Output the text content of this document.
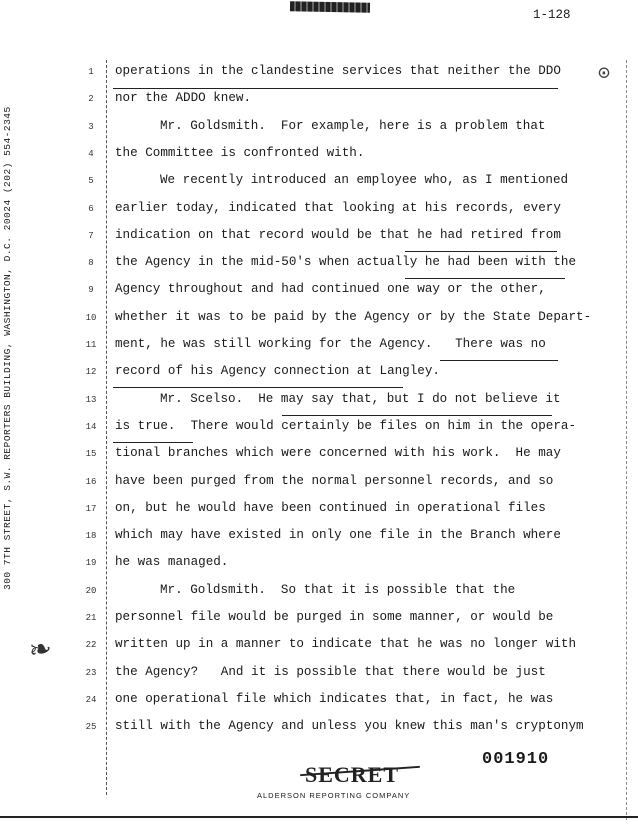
1-128
300 7TH STREET, S.W. REPORTERS BUILDING, WASHINGTON, D.C. 20024 (202) 554-2345
⊙
❧
1	operations in the clandestine services that neither the DDO
2	nor the ADDO knew.
3	Mr. Goldsmith.  For example, here is a problem that
4	the Committee is confronted with.
5	We recently introduced an employee who, as I mentioned
6	earlier today, indicated that looking at his records, every
7	indication on that record would be that he had retired from
8	the Agency in the mid-50's when actually he had been with the
9	Agency throughout and had continued one way or the other,
10 whether it was to be paid by the Agency or by the State Depart-
11 ment, he was still working for the Agency.   There was no
12 record of his Agency connection at Langley.
13	Mr. Scelso.  He may say that, but I do not believe it
14 is true.  There would certainly be files on him in the opera-
15 tional branches which were concerned with his work.  He may
16 have been purged from the normal personnel records, and so
17 on, but he would have been continued in operational files
18 which may have existed in only one file in the Branch where
19 he was managed.
20	Mr. Goldsmith.  So that it is possible that the
21 personnel file would be purged in some manner, or would be
22 written up in a manner to indicate that he was no longer with
23 the Agency?   And it is possible that there would be just
24 one operational file which indicates that, in fact, he was
25 still with the Agency and unless you knew this man's cryptonym
SECRET
ALDERSON REPORTING COMPANY
001910
